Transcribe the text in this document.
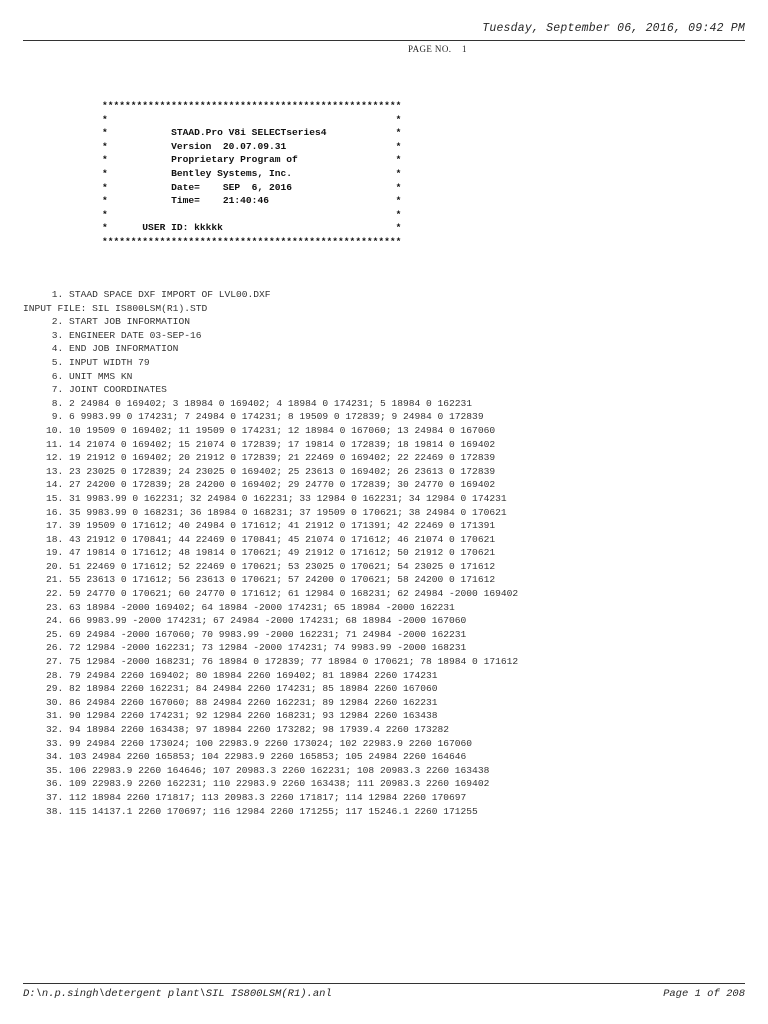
Tuesday, September 06, 2016, 09:42 PM
PAGE NO.    1
****************************************************
*                                                  *
*           STAAD.Pro V8i SELECTseries4            *
*           Version  20.07.09.31                   *
*           Proprietary Program of                 *
*           Bentley Systems, Inc.                  *
*           Date=    SEP  6, 2016                  *
*           Time=    21:40:46                      *
*                                                  *
*      USER ID: kkkkk                              *
****************************************************
1. STAAD SPACE DXF IMPORT OF LVL00.DXF
INPUT FILE: SIL IS800LSM(R1).STD
2. START JOB INFORMATION
3. ENGINEER DATE 03-SEP-16
4. END JOB INFORMATION
5. INPUT WIDTH 79
6. UNIT MMS KN
7. JOINT COORDINATES
8. 2 24984 0 169402; 3 18984 0 169402; 4 18984 0 174231; 5 18984 0 162231
9. 6 9983.99 0 174231; 7 24984 0 174231; 8 19509 0 172839; 9 24984 0 172839
10. 10 19509 0 169402; 11 19509 0 174231; 12 18984 0 167060; 13 24984 0 167060
11. 14 21074 0 169402; 15 21074 0 172839; 17 19814 0 172839; 18 19814 0 169402
12. 19 21912 0 169402; 20 21912 0 172839; 21 22469 0 169402; 22 22469 0 172839
13. 23 23025 0 172839; 24 23025 0 169402; 25 23613 0 169402; 26 23613 0 172839
14. 27 24200 0 172839; 28 24200 0 169402; 29 24770 0 172839; 30 24770 0 169402
15. 31 9983.99 0 162231; 32 24984 0 162231; 33 12984 0 162231; 34 12984 0 174231
16. 35 9983.99 0 168231; 36 18984 0 168231; 37 19509 0 170621; 38 24984 0 170621
17. 39 19509 0 171612; 40 24984 0 171612; 41 21912 0 171391; 42 22469 0 171391
18. 43 21912 0 170841; 44 22469 0 170841; 45 21074 0 171612; 46 21074 0 170621
19. 47 19814 0 171612; 48 19814 0 170621; 49 21912 0 171612; 50 21912 0 170621
20. 51 22469 0 171612; 52 22469 0 170621; 53 23025 0 170621; 54 23025 0 171612
21. 55 23613 0 171612; 56 23613 0 170621; 57 24200 0 170621; 58 24200 0 171612
22. 59 24770 0 170621; 60 24770 0 171612; 61 12984 0 168231; 62 24984 -2000 169402
23. 63 18984 -2000 169402; 64 18984 -2000 174231; 65 18984 -2000 162231
24. 66 9983.99 -2000 174231; 67 24984 -2000 174231; 68 18984 -2000 167060
25. 69 24984 -2000 167060; 70 9983.99 -2000 162231; 71 24984 -2000 162231
26. 72 12984 -2000 162231; 73 12984 -2000 174231; 74 9983.99 -2000 168231
27. 75 12984 -2000 168231; 76 18984 0 172839; 77 18984 0 170621; 78 18984 0 171612
28. 79 24984 2260 169402; 80 18984 2260 169402; 81 18984 2260 174231
29. 82 18984 2260 162231; 84 24984 2260 174231; 85 18984 2260 167060
30. 86 24984 2260 167060; 88 24984 2260 162231; 89 12984 2260 162231
31. 90 12984 2260 174231; 92 12984 2260 168231; 93 12984 2260 163438
32. 94 18984 2260 163438; 97 18984 2260 173282; 98 17939.4 2260 173282
33. 99 24984 2260 173024; 100 22983.9 2260 173024; 102 22983.9 2260 167060
34. 103 24984 2260 165853; 104 22983.9 2260 165853; 105 24984 2260 164646
35. 106 22983.9 2260 164646; 107 20983.3 2260 162231; 108 20983.3 2260 163438
36. 109 22983.9 2260 162231; 110 22983.9 2260 163438; 111 20983.3 2260 169402
37. 112 18984 2260 171817; 113 20983.3 2260 171817; 114 12984 2260 170697
38. 115 14137.1 2260 170697; 116 12984 2260 171255; 117 15246.1 2260 171255
D:\n.p.singh\detergent plant\SIL IS800LSM(R1).anl	Page 1 of 208
